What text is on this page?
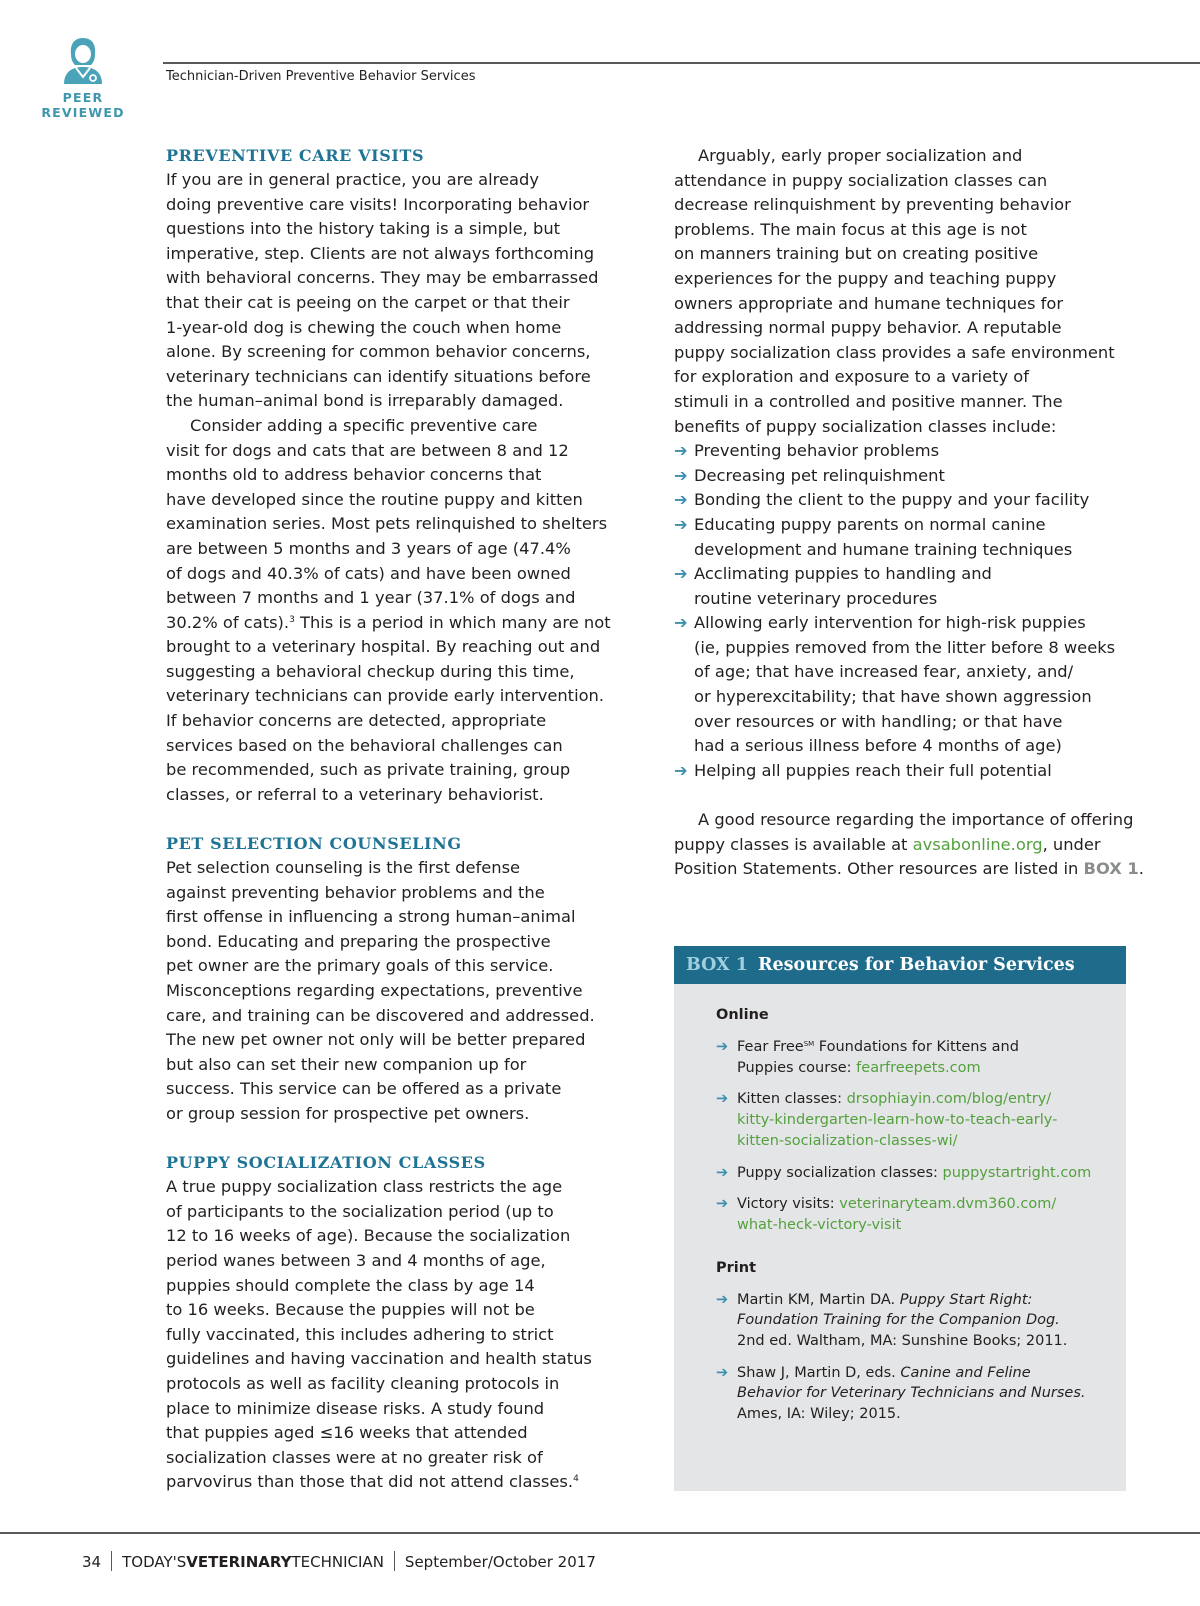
PEER
REVIEWED
Technician-Driven Preventive Behavior Services
PREVENTIVE CARE VISITS
If you are in general practice, you are already
doing preventive care visits! Incorporating behavior
questions into the history taking is a simple, but
imperative, step. Clients are not always forthcoming
with behavioral concerns. They may be embarrassed
that their cat is peeing on the carpet or that their
1-year-old dog is chewing the couch when home
alone. By screening for common behavior concerns,
veterinary technicians can identify situations before
the human–animal bond is irreparably damaged.
Consider adding a specific preventive care
visit for dogs and cats that are between 8 and 12
months old to address behavior concerns that
have developed since the routine puppy and kitten
examination series. Most pets relinquished to shelters
are between 5 months and 3 years of age (47.4%
of dogs and 40.3% of cats) and have been owned
between 7 months and 1 year (37.1% of dogs and
30.2% of cats).$^3$ This is a period in which many are not
brought to a veterinary hospital. By reaching out and
suggesting a behavioral checkup during this time,
veterinary technicians can provide early intervention.
If behavior concerns are detected, appropriate
services based on the behavioral challenges can
be recommended, such as private training, group
classes, or referral to a veterinary behaviorist.
PET SELECTION COUNSELING
Pet selection counseling is the first defense
against preventing behavior problems and the
first offense in influencing a strong human–animal
bond. Educating and preparing the prospective
pet owner are the primary goals of this service.
Misconceptions regarding expectations, preventive
care, and training can be discovered and addressed.
The new pet owner not only will be better prepared
but also can set their new companion up for
success. This service can be offered as a private
or group session for prospective pet owners.
PUPPY SOCIALIZATION CLASSES
A true puppy socialization class restricts the age
of participants to the socialization period (up to
12 to 16 weeks of age). Because the socialization
period wanes between 3 and 4 months of age,
puppies should complete the class by age 14
to 16 weeks. Because the puppies will not be
fully vaccinated, this includes adhering to strict
guidelines and having vaccination and health status
protocols as well as facility cleaning protocols in
place to minimize disease risks. A study found
that puppies aged ≤16 weeks that attended
socialization classes were at no greater risk of
parvovirus than those that did not attend classes.$^4$
Arguably, early proper socialization and
attendance in puppy socialization classes can
decrease relinquishment by preventing behavior
problems. The main focus at this age is not
on manners training but on creating positive
experiences for the puppy and teaching puppy
owners appropriate and humane techniques for
addressing normal puppy behavior. A reputable
puppy socialization class provides a safe environment
for exploration and exposure to a variety of
stimuli in a controlled and positive manner. The
benefits of puppy socialization classes include:
➔ Preventing behavior problems
➔ Decreasing pet relinquishment
➔ Bonding the client to the puppy and your facility
➔ Educating puppy parents on normal canine
development and humane training techniques
➔ Acclimating puppies to handling and
routine veterinary procedures
➔ Allowing early intervention for high-risk puppies
(ie, puppies removed from the litter before 8 weeks
of age; that have increased fear, anxiety, and/
or hyperexcitability; that have shown aggression
over resources or with handling; or that have
had a serious illness before 4 months of age)
➔ Helping all puppies reach their full potential
A good resource regarding the importance of offering
puppy classes is available at avsabonline.org, under
Position Statements. Other resources are listed in BOX 1.
BOX 1 Resources for Behavior Services
Online
➔ Fear Free℠ Foundations for Kittens and
Puppies course: fearfreepets.com
➔ Kitten classes: drsophiayin.com/blog/entry/
kitty-kindergarten-learn-how-to-teach-early-
kitten-socialization-classes-wi/
➔ Puppy socialization classes: puppystartright.com
➔ Victory visits: veterinaryteam.dvm360.com/
what-heck-victory-visit
Print
➔ Martin KM, Martin DA. Puppy Start Right:
Foundation Training for the Companion Dog.
2nd ed. Waltham, MA: Sunshine Books; 2011.
➔ Shaw J, Martin D, eds. Canine and Feline
Behavior for Veterinary Technicians and Nurses.
Ames, IA: Wiley; 2015.
34 TODAY'SVETERINARYTECHNICIAN September/October 2017
